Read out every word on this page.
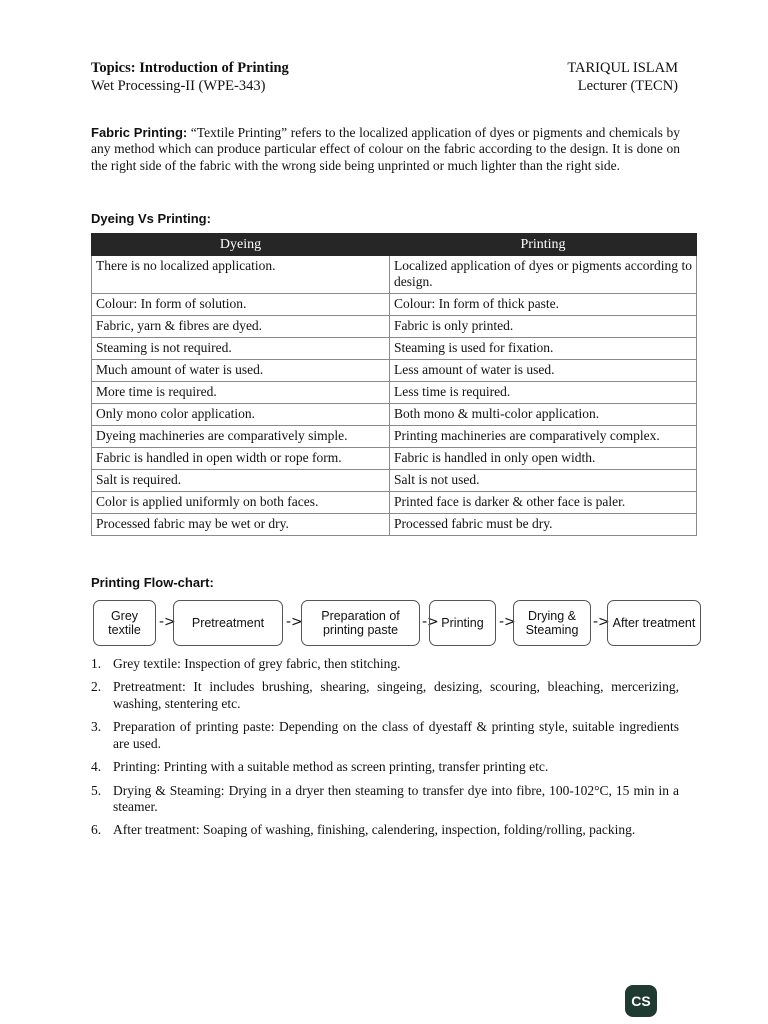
Topics: Introduction of Printing
Wet Processing-II (WPE-343)
TARIQUL ISLAM
Lecturer (TECN)

Fabric Printing: “Textile Printing” refers to the localized application of dyes or pigments and chemicals by any method which can produce particular effect of colour on the fabric according to the design. It is done on the right side of the fabric with the wrong side being unprinted or much lighter than the right side.

Dyeing Vs Printing:
Dyeing	Printing
There is no localized application.	Localized application of dyes or pigments according to design.
Colour: In form of solution.	Colour: In form of thick paste.
Fabric, yarn & fibres are dyed.	Fabric is only printed.
Steaming is not required.	Steaming is used for fixation.
Much amount of water is used.	Less amount of water is used.
More time is required.	Less time is required.
Only mono color application.	Both mono & multi-color application.
Dyeing machineries are comparatively simple.	Printing machineries are comparatively complex.
Fabric is handled in open width or rope form.	Fabric is handled in only open width.
Salt is required.	Salt is not used.
Color is applied uniformly on both faces.	Printed face is darker & other face is paler.
Processed fabric may be wet or dry.	Processed fabric must be dry.
Printing Flow-chart:
Grey textile	->	Pretreatment	->	Preparation of printing paste	-> Printing	-> Drying & Steaming	-> After treatment
1. Grey textile: Inspection of grey fabric, then stitching.
2. Pretreatment: It includes brushing, shearing, singeing, desizing, scouring, bleaching, mercerizing, washing, stentering etc.
3. Preparation of printing paste: Depending on the class of dyestaff & printing style, suitable ingredients are used.
4. Printing: Printing with a suitable method as screen printing, transfer printing etc.
5. Drying & Steaming: Drying in a dryer then steaming to transfer dye into fibre, 100-102°C, 15 min in a steamer.
6. After treatment: Soaping of washing, finishing, calendering, inspection, folding/rolling, packing.
CS
